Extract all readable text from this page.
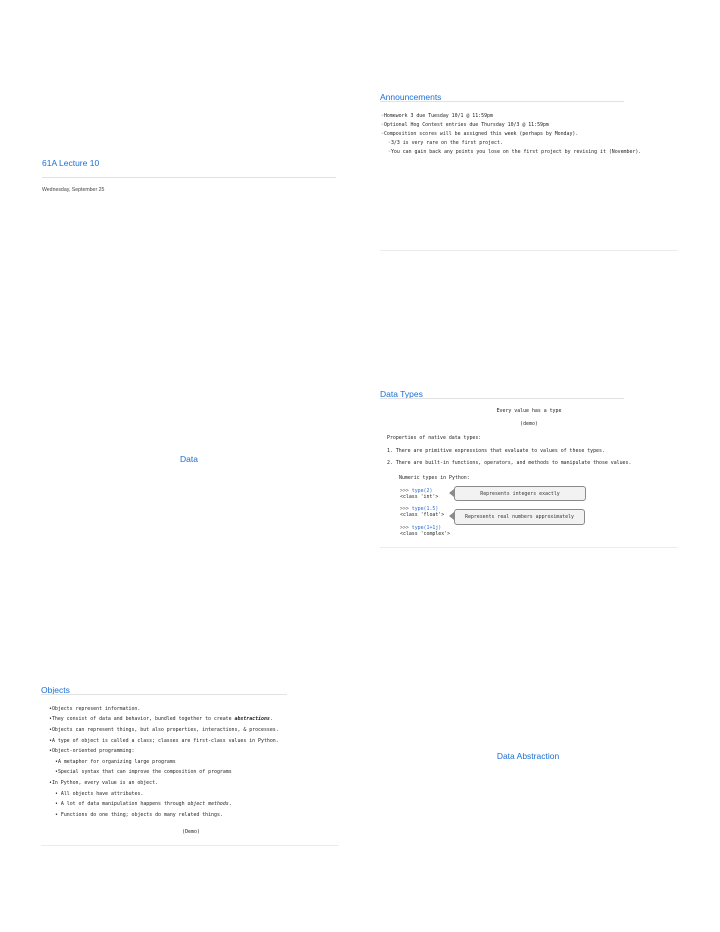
Announcements
◦Homework 3 due Tuesday 10/1 @ 11:59pm
◦Optional Hog Contest entries due Thursday 10/3 @ 11:59pm
◦Composition scores will be assigned this week (perhaps by Monday).
◦3/3 is very rare on the first project.
◦You can gain back any points you lose on the first project by revising it (November).
61A Lecture 10
Wednesday, September 25
Data
Data Types
Every value has a type
(demo)
Properties of native data types:
1. There are primitive expressions that evaluate to values of these types.
2. There are built-in functions, operators, and methods to manipulate those values.
Numeric types in Python:
>>> type(2)
<class 'int'>
>>> type(1.5)
<class 'float'>
>>> type(1+1j)
<class 'complex'>
Represents integers exactly
Represents real numbers approximately
Objects
•Objects represent information.
•They consist of data and behavior, bundled together to create abstractions.
•Objects can represent things, but also properties, interactions, & processes.
•A type of object is called a class; classes are first-class values in Python.
•Object-oriented programming:
•A metaphor for organizing large programs
•Special syntax that can improve the composition of programs
•In Python, every value is an object.
• All objects have attributes.
• A lot of data manipulation happens through object methods.
• Functions do one thing; objects do many related things.
(Demo)
Data Abstraction
